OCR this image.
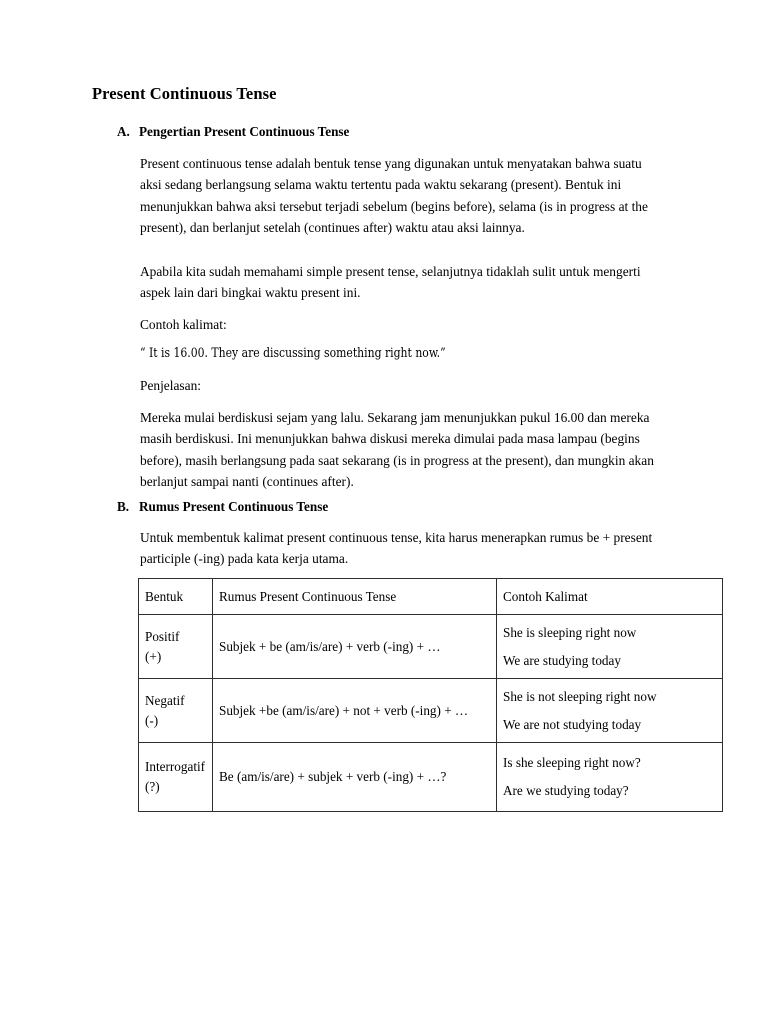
Present Continuous Tense
A. Pengertian Present Continuous Tense
Present continuous tense adalah bentuk tense yang digunakan untuk menyatakan bahwa suatu aksi sedang berlangsung selama waktu tertentu pada waktu sekarang (present). Bentuk ini menunjukkan bahwa aksi tersebut terjadi sebelum (begins before), selama (is in progress at the present), dan berlanjut setelah (continues after) waktu atau aksi lainnya.
Apabila kita sudah memahami simple present tense, selanjutnya tidaklah sulit untuk mengerti aspek lain dari bingkai waktu present ini.
Contoh kalimat:
“ It is 16.00. They are discussing something right now.”
Penjelasan:
Mereka mulai berdiskusi sejam yang lalu. Sekarang jam menunjukkan pukul 16.00 dan mereka masih berdiskusi. Ini menunjukkan bahwa diskusi mereka dimulai pada masa lampau (begins before), masih berlangsung pada saat sekarang (is in progress at the present), dan mungkin akan berlanjut sampai nanti (continues after).
B. Rumus Present Continuous Tense
Untuk membentuk kalimat present continuous tense, kita harus menerapkan rumus be + present participle (-ing) pada kata kerja utama.
Bentuk	Rumus Present Continuous Tense	Contoh Kalimat

Positif
(+)	Subjek + be (am/is/are) + verb (-ing) + …	She is sleeping right now
We are studying today

Negatif
(-)	Subjek +be (am/is/are) + not + verb (-ing) + …	She is not sleeping right now
We are not studying today

Interrogatif
(?)	Be (am/is/are) + subjek + verb (-ing) + …?	Is she sleeping right now?
Are we studying today?
